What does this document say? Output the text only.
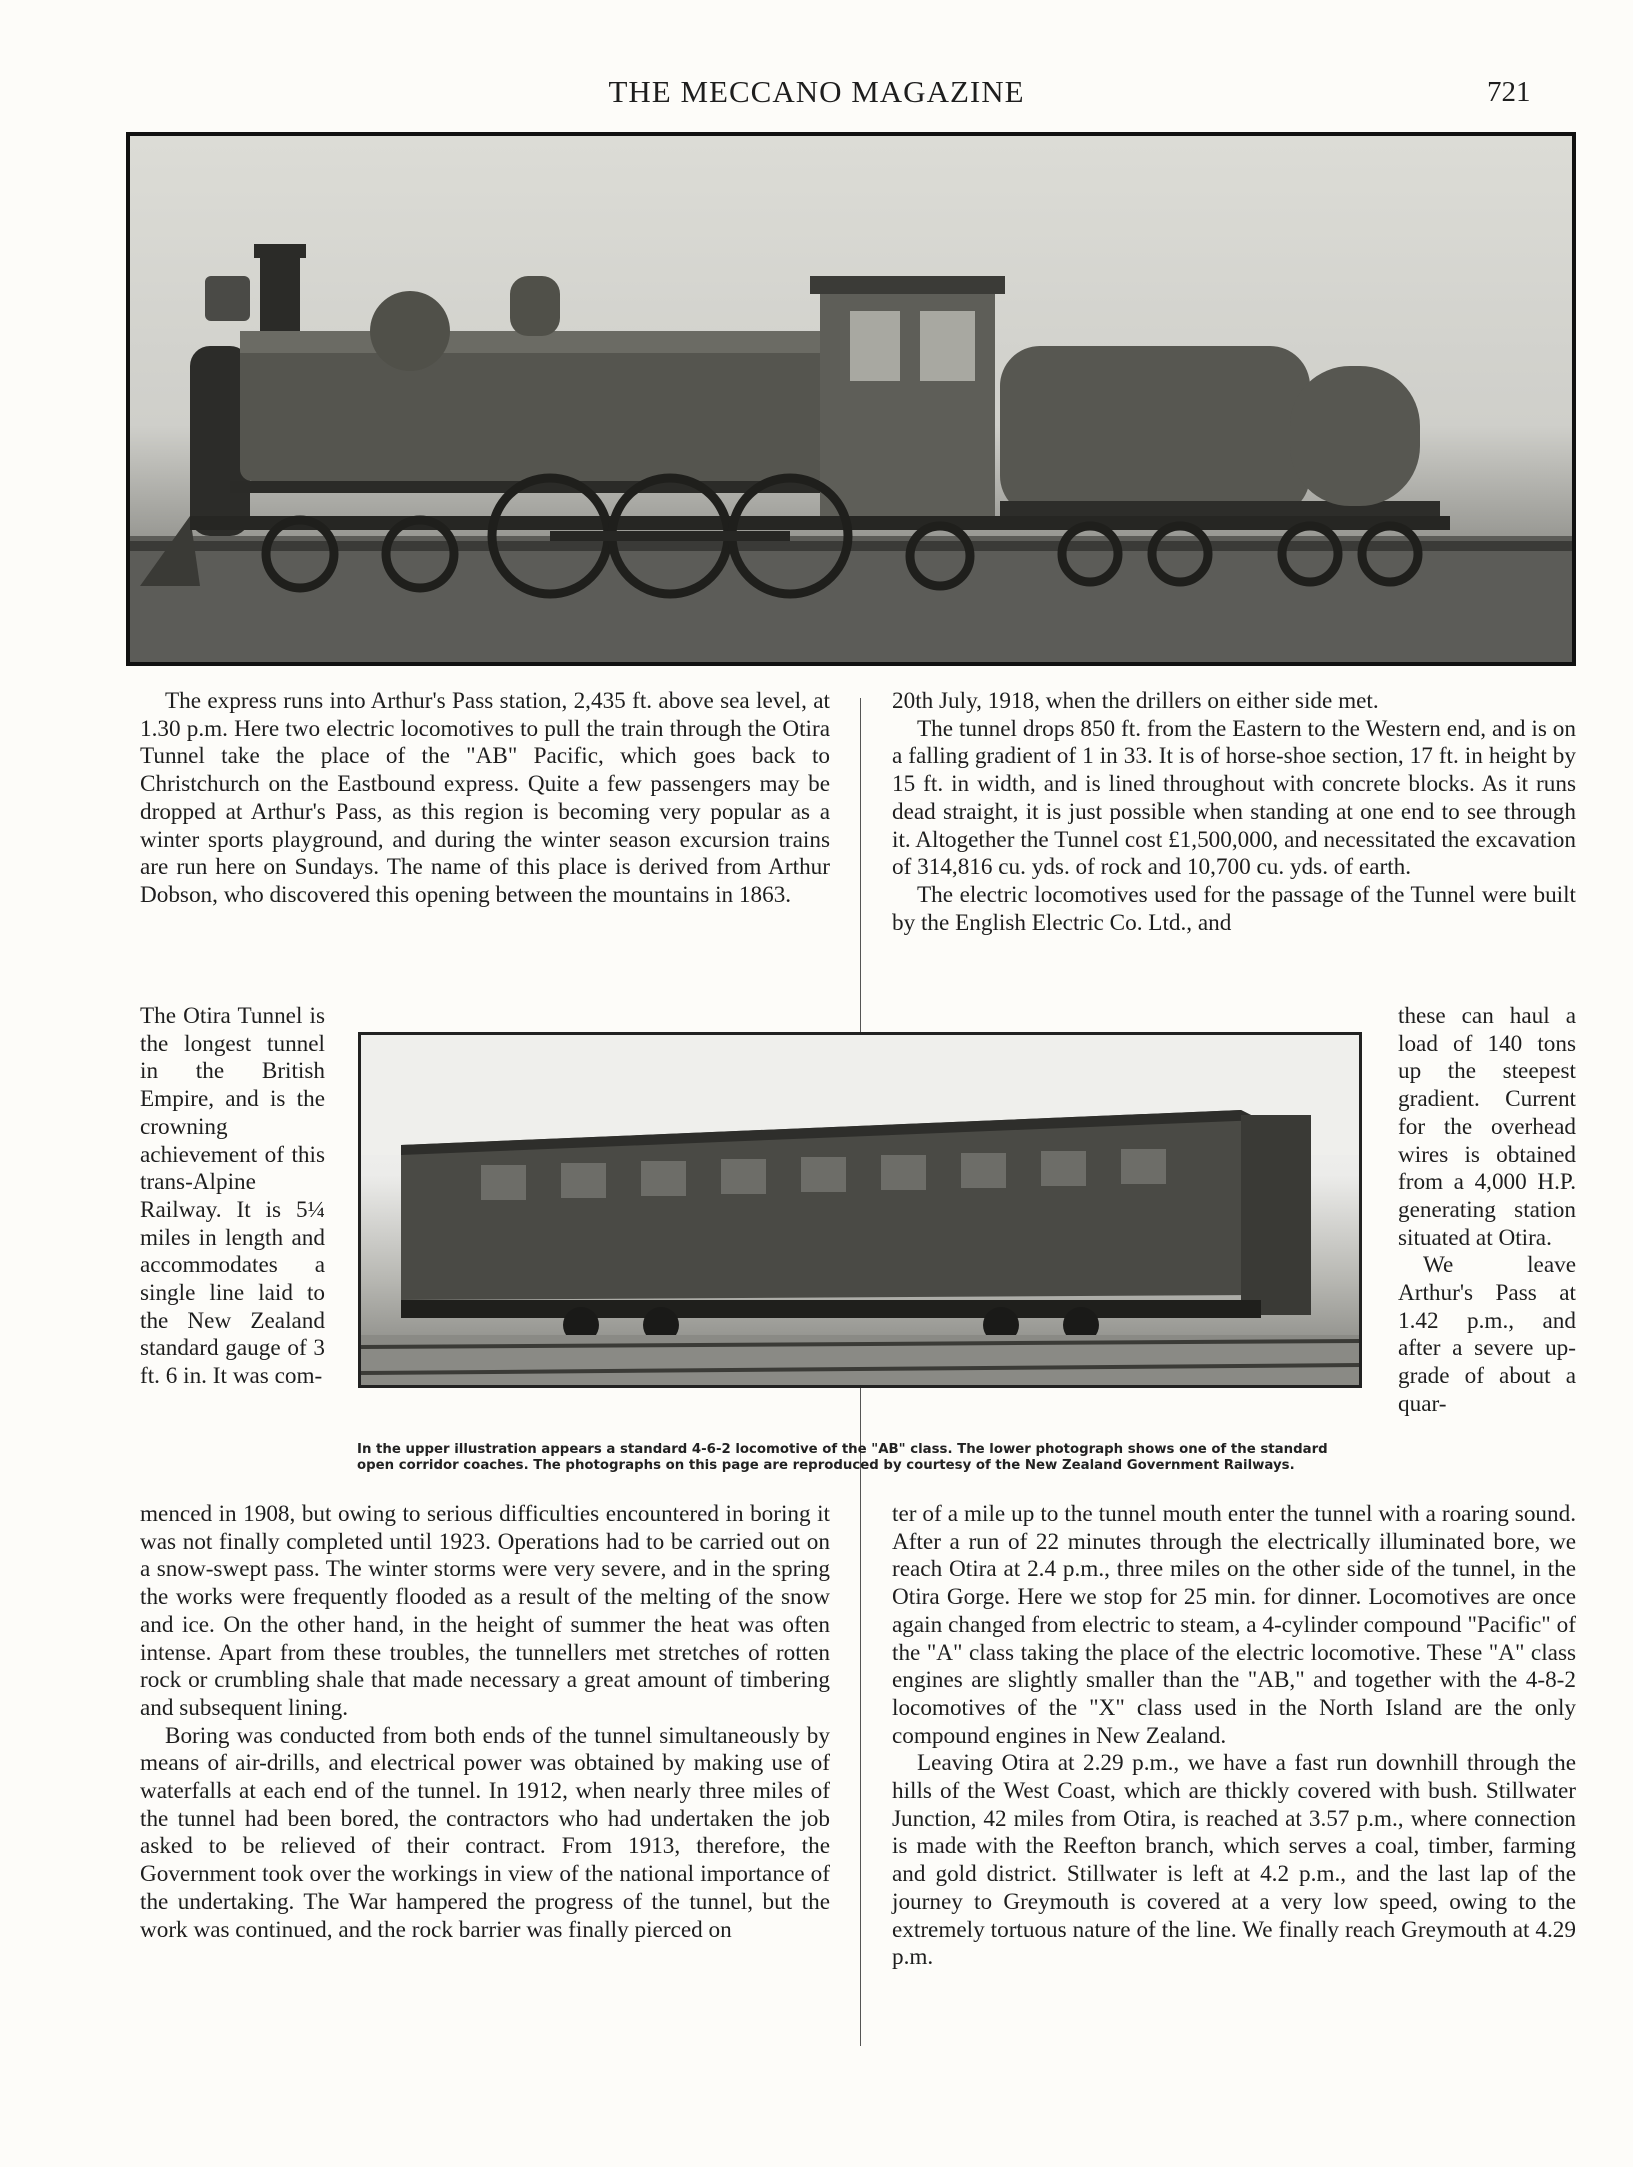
THE MECCANO MAGAZINE	721

The express runs into Arthur's Pass station, 2,435 ft. above sea level, at 1.30 p.m. Here two electric locomotives to pull the train through the Otira Tunnel take the place of the "AB" Pacific, which goes back to Christchurch on the Eastbound express. Quite a few passengers may be dropped at Arthur's Pass, as this region is becoming very popular as a winter sports playground, and during the winter season excursion trains are run here on Sundays. The name of this place is derived from Arthur Dobson, who discovered this opening between the mountains in 1863.

20th July, 1918, when the drillers on either side met.

The tunnel drops 850 ft. from the Eastern to the Western end, and is on a falling gradient of 1 in 33. It is of horse-shoe section, 17 ft. in height by 15 ft. in width, and is lined throughout with concrete blocks. As it runs dead straight, it is just possible when standing at one end to see through it. Altogether the Tunnel cost £1,500,000, and necessitated the excavation of 314,816 cu. yds. of rock and 10,700 cu. yds. of earth.

The electric locomotives used for the passage of the Tunnel were built by the English Electric Co. Ltd., and

The Otira Tunnel is the longest tunnel in the British Empire, and is the crowning achievement of this trans-Alpine Railway. It is 5¼ miles in length and accommodates a single line laid to the New Zealand standard gauge of 3 ft. 6 in. It was com-
In the upper illustration appears a standard 4-6-2 locomotive of the "AB" class. The lower photograph shows one of the standard open corridor coaches. The photographs on this page are reproduced by courtesy of the New Zealand Government Railways.

these can haul a load of 140 tons up the steepest gradient. Current for the overhead wires is obtained from a 4,000 H.P. generating station situated at Otira.

We leave Arthur's Pass at 1.42 p.m., and after a severe up-grade of about a quar-

menced in 1908, but owing to serious difficulties encountered in boring it was not finally completed until 1923. Operations had to be carried out on a snow-swept pass. The winter storms were very severe, and in the spring the works were frequently flooded as a result of the melting of the snow and ice. On the other hand, in the height of summer the heat was often intense. Apart from these troubles, the tunnellers met stretches of rotten rock or crumbling shale that made necessary a great amount of timbering and subsequent lining.

Boring was conducted from both ends of the tunnel simultaneously by means of air-drills, and electrical power was obtained by making use of waterfalls at each end of the tunnel. In 1912, when nearly three miles of the tunnel had been bored, the contractors who had undertaken the job asked to be relieved of their contract. From 1913, therefore, the Government took over the workings in view of the national importance of the undertaking. The War hampered the progress of the tunnel, but the work was continued, and the rock barrier was finally pierced on

ter of a mile up to the tunnel mouth enter the tunnel with a roaring sound. After a run of 22 minutes through the electrically illuminated bore, we reach Otira at 2.4 p.m., three miles on the other side of the tunnel, in the Otira Gorge. Here we stop for 25 min. for dinner. Locomotives are once again changed from electric to steam, a 4-cylinder compound "Pacific" of the "A" class taking the place of the electric locomotive. These "A" class engines are slightly smaller than the "AB," and together with the 4-8-2 locomotives of the "X" class used in the North Island are the only compound engines in New Zealand.

Leaving Otira at 2.29 p.m., we have a fast run downhill through the hills of the West Coast, which are thickly covered with bush. Stillwater Junction, 42 miles from Otira, is reached at 3.57 p.m., where connection is made with the Reefton branch, which serves a coal, timber, farming and gold district. Stillwater is left at 4.2 p.m., and the last lap of the journey to Greymouth is covered at a very low speed, owing to the extremely tortuous nature of the line. We finally reach Greymouth at 4.29 p.m.
